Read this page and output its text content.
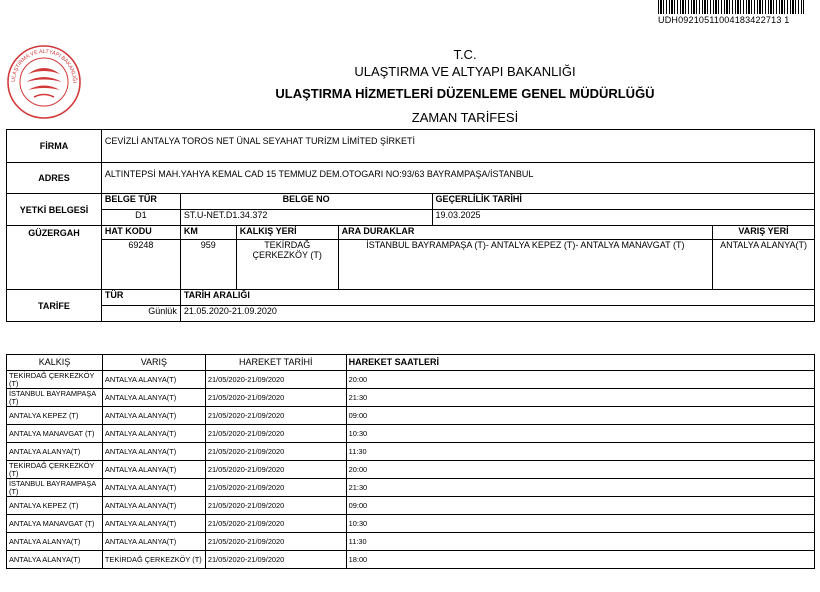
UDH09210511004183422713 1
ULAŞTIRMA VE ALTYAPI BAKANLIĞI
T.C.
ULAŞTIRMA VE ALTYAPI BAKANLIĞI
ULAŞTIRMA HİZMETLERİ DÜZENLEME GENEL MÜDÜRLÜĞÜ
ZAMAN TARİFESİ
FİRMA	CEVİZLİ ANTALYA TOROS NET ÜNAL SEYAHAT TURİZM LİMİTED ŞİRKETİ					
ADRES	ALTINTEPSİ MAH.YAHYA KEMAL CAD 15 TEMMUZ DEM.OTOGARI NO:93/63 BAYRAMPAŞA/İSTANBUL					
YETKİ BELGESİ	BELGE TÜR	BELGE NO			GEÇERLİLİK TARİHİ	
	D1	ST.U-NET.D1.34.372			19.03.2025	
GÜZERGAH	HAT KODU	KM	KALKIŞ YERİ	ARA DURAKLAR		VARIŞ YERİ
	69248	959	TEKİRDAĞ ÇERKEZKÖY (T)	İSTANBUL BAYRAMPAŞA (T)- ANTALYA KEPEZ (T)- ANTALYA MANAVGAT (T)		ANTALYA ALANYA(T)
TARİFE	TÜR	TARİH ARALIĞI				
	Günlük	21.05.2020-21.09.2020				
KALKIŞ	VARIŞ	HAREKET TARİHİ	HAREKET SAATLERİ
TEKİRDAĞ ÇERKEZKÖY (T)	ANTALYA ALANYA(T)	21/05/2020-21/09/2020	20:00
İSTANBUL BAYRAMPAŞA (T)	ANTALYA ALANYA(T)	21/05/2020-21/09/2020	21:30
ANTALYA KEPEZ (T)	ANTALYA ALANYA(T)	21/05/2020-21/09/2020	09:00
ANTALYA MANAVGAT (T)	ANTALYA ALANYA(T)	21/05/2020-21/09/2020	10:30
ANTALYA ALANYA(T)	ANTALYA ALANYA(T)	21/05/2020-21/09/2020	11:30
TEKİRDAĞ ÇERKEZKÖY (T)	ANTALYA ALANYA(T)	21/05/2020-21/09/2020	20:00
İSTANBUL BAYRAMPAŞA (T)	ANTALYA ALANYA(T)	21/05/2020-21/09/2020	21:30
ANTALYA KEPEZ (T)	ANTALYA ALANYA(T)	21/05/2020-21/09/2020	09:00
ANTALYA MANAVGAT (T)	ANTALYA ALANYA(T)	21/05/2020-21/09/2020	10:30
ANTALYA ALANYA(T)	ANTALYA ALANYA(T)	21/05/2020-21/09/2020	11:30
ANTALYA ALANYA(T)	TEKİRDAĞ ÇERKEZKÖY (T)	21/05/2020-21/09/2020	18:00
